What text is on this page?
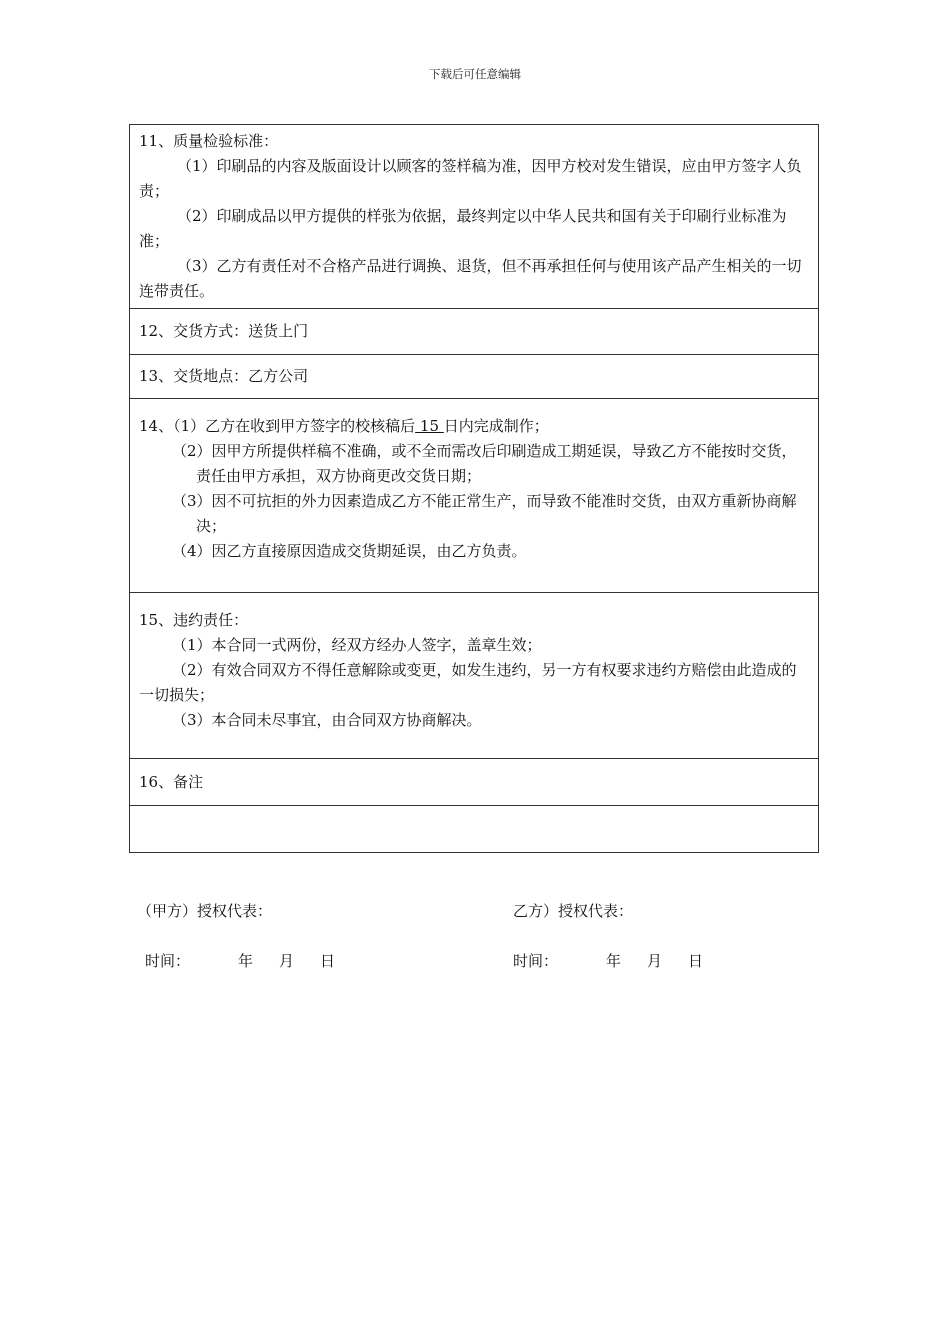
下载后可任意编辑

11、质量检验标准：

（1）印刷品的内容及版面设计以顾客的签样稿为准，因甲方校对发生错误，应由甲方签字人负责；

（2）印刷成品以甲方提供的样张为依据，最终判定以中华人民共和国有关于印刷行业标准为准；

（3）乙方有责任对不合格产品进行调换、退货，但不再承担任何与使用该产品产生相关的一切连带责任。

12、交货方式：送货上门
13、交货地点：乙方公司

14、（1）乙方在收到甲方签字的校核稿后 15 日内完成制作；

（2）因甲方所提供样稿不准确，或不全而需改后印刷造成工期延误，导致乙方不能按时交货，责任由甲方承担，双方协商更改交货日期；

（3）因不可抗拒的外力因素造成乙方不能正常生产，而导致不能准时交货，由双方重新协商解决；

（4）因乙方直接原因造成交货期延误，由乙方负责。

15、违约责任：

（1）本合同一式两份，经双方经办人签字，盖章生效；

（2）有效合同双方不得任意解除或变更，如发生违约，另一方有权要求违约方赔偿由此造成的一切损失；

（3）本合同未尽事宜，由合同双方协商解决。

16、备注

（甲方）授权代表：	乙方）授权代表：
时间：	年 月 日	时间：	年 月 日
